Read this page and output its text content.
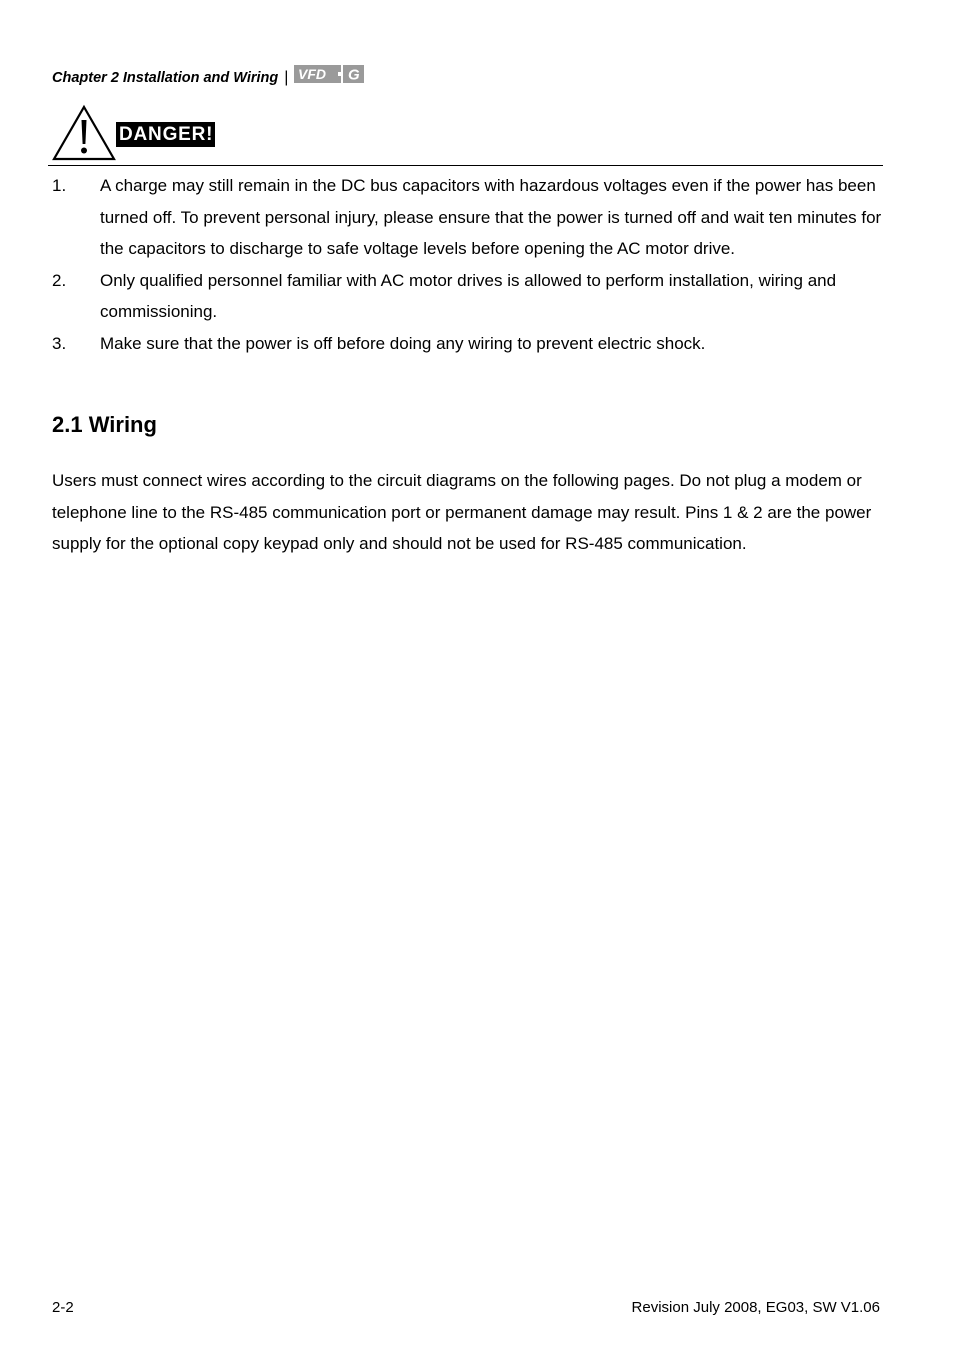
Chapter 2 Installation and Wiring | VFD G
DANGER!
1.	A charge may still remain in the DC bus capacitors with hazardous voltages even if the power has been turned off. To prevent personal injury, please ensure that the power is turned off and wait ten minutes for the capacitors to discharge to safe voltage levels before opening the AC motor drive.
2.	Only qualified personnel familiar with AC motor drives is allowed to perform installation, wiring and commissioning.
3.	Make sure that the power is off before doing any wiring to prevent electric shock.
2.1 Wiring

Users must connect wires according to the circuit diagrams on the following pages. Do not plug a modem or telephone line to the RS-485 communication port or permanent damage may result. Pins 1 & 2 are the power supply for the optional copy keypad only and should not be used for RS-485 communication.

2-2	Revision July 2008, EG03, SW V1.06
